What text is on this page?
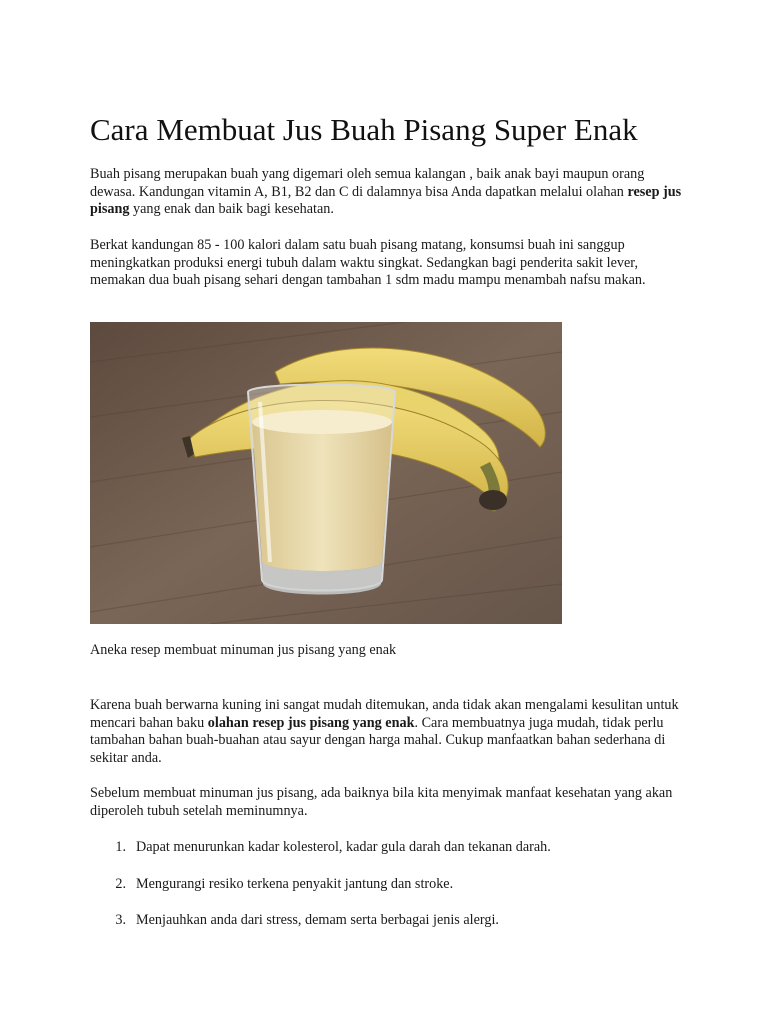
Cara Membuat Jus Buah Pisang Super Enak

Buah pisang merupakan buah yang digemari oleh semua kalangan , baik anak bayi maupun orang dewasa. Kandungan vitamin A, B1, B2 dan C di dalamnya bisa Anda dapatkan melalui olahan resep jus pisang yang enak dan baik bagi kesehatan.

Berkat kandungan 85 - 100 kalori dalam satu buah pisang matang, konsumsi buah ini sanggup meningkatkan produksi energi tubuh dalam waktu singkat. Sedangkan bagi penderita sakit lever, memakan dua buah pisang sehari dengan tambahan 1 sdm madu mampu menambah nafsu makan.

Aneka resep membuat minuman jus pisang yang enak

Karena buah berwarna kuning ini sangat mudah ditemukan, anda tidak akan mengalami kesulitan untuk mencari bahan baku olahan resep jus pisang yang enak. Cara membuatnya juga mudah, tidak perlu tambahan bahan buah-buahan atau sayur dengan harga mahal. Cukup manfaatkan bahan sederhana di sekitar anda.

Sebelum membuat minuman jus pisang, ada baiknya bila kita menyimak manfaat kesehatan yang akan diperoleh tubuh setelah meminumnya.

1. Dapat menurunkan kadar kolesterol, kadar gula darah dan tekanan darah.
2. Mengurangi resiko terkena penyakit jantung dan stroke.
3. Menjauhkan anda dari stress, demam serta berbagai jenis alergi.
